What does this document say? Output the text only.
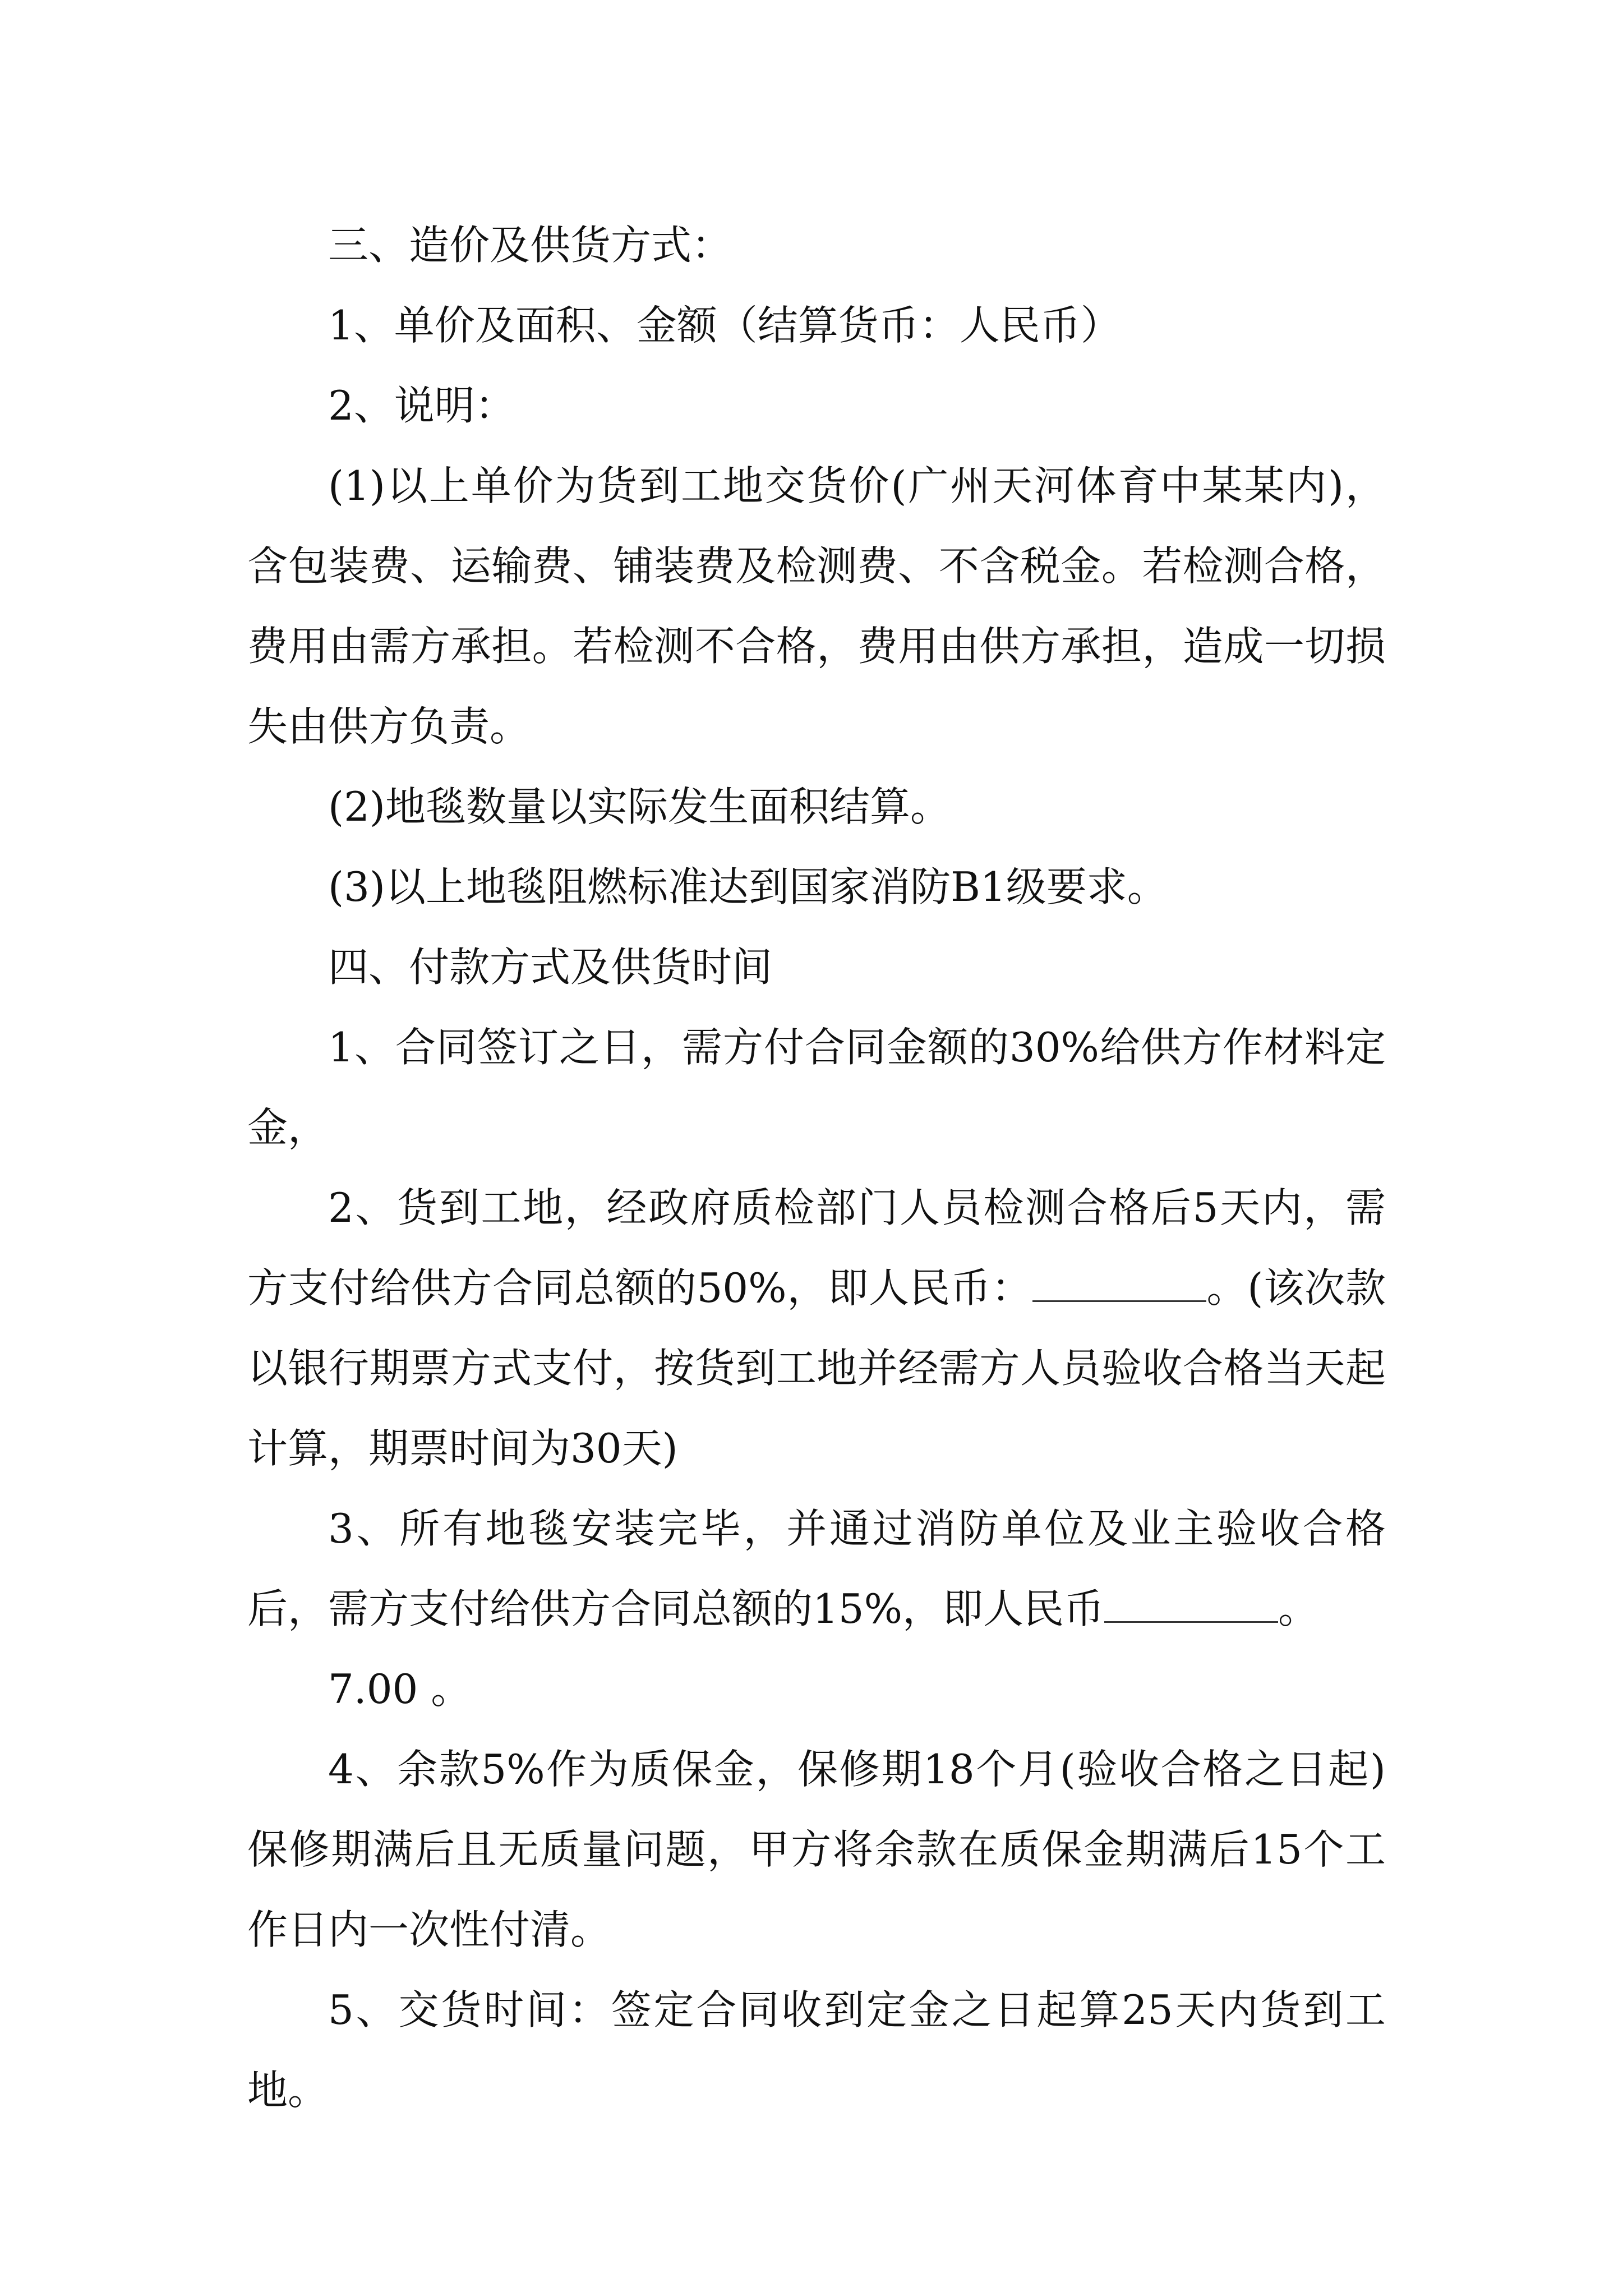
三、造价及供货方式：

1、单价及面积、金额（结算货币：人民币）

2、说明：

(1)以上单价为货到工地交货价(广州天河体育中某某内)，含包装费、运输费、铺装费及检测费、不含税金。若检测合格，费用由需方承担。若检测不合格，费用由供方承担，造成一切损失由供方负责。

(2)地毯数量以实际发生面积结算。

(3)以上地毯阻燃标准达到国家消防B1级要求。

四、付款方式及供货时间

1、合同签订之日，需方付合同金额的30%给供方作材料定金，

2、货到工地，经政府质检部门人员检测合格后5天内，需方支付给供方合同总额的50%，即人民币：	。(该次款以银行期票方式支付，按货到工地并经需方人员验收合格当天起计算，期票时间为30天)

3、所有地毯安装完毕，并通过消防单位及业主验收合格后，需方支付给供方合同总额的15%，即人民币	。

7.00 。

4、余款5%作为质保金，保修期18个月(验收合格之日起)保修期满后且无质量问题，甲方将余款在质保金期满后15个工作日内一次性付清。

5、交货时间：签定合同收到定金之日起算25天内货到工地。
